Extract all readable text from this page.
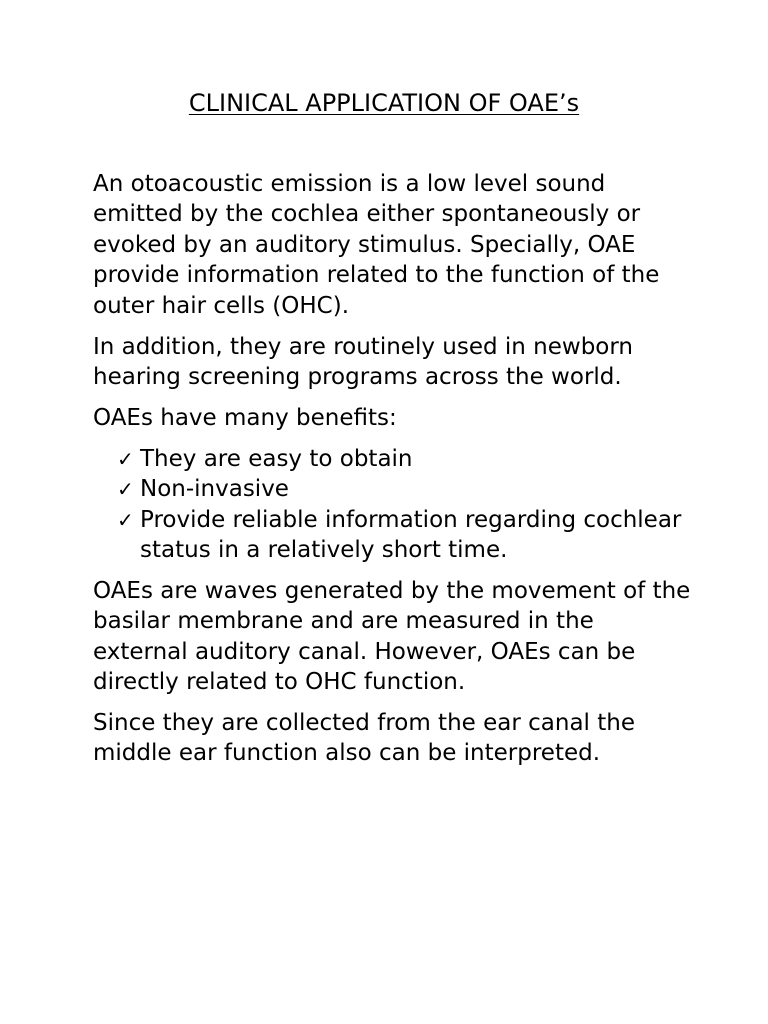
CLINICAL APPLICATION OF OAE’s

An otoacoustic emission is a low level sound emitted by the cochlea either spontaneously or evoked by an auditory stimulus. Specially, OAE provide information related to the function of the outer hair cells (OHC).

In addition, they are routinely used in newborn hearing screening programs across the world.

OAEs have many benefits:

✓ They are easy to obtain
✓ Non-invasive
✓ Provide reliable information regarding cochlear status in a relatively short time.

OAEs are waves generated by the movement of the basilar membrane and are measured in the external auditory canal. However, OAEs can be directly related to OHC function.

Since they are collected from the ear canal the middle ear function also can be interpreted.
